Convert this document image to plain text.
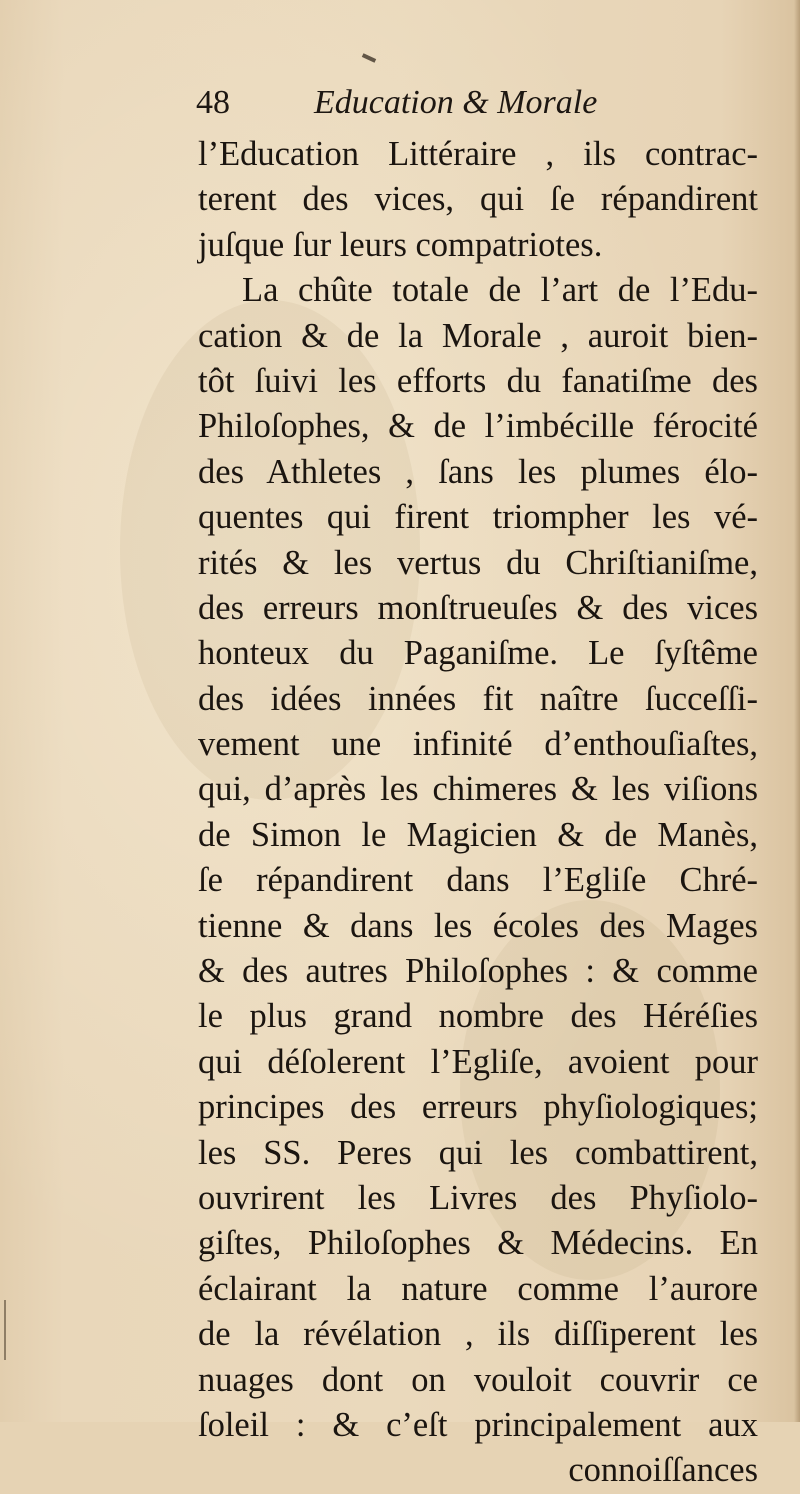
48 Education & Morale
l’Education Littéraire , ils contrac-
terent des vices, qui ſe répandirent
juſque ſur leurs compatriotes.
La chûte totale de l’art de l’Edu-
cation & de la Morale , auroit bien-
tôt ſuivi les efforts du fanatiſme des
Philoſophes, & de l’imbécille férocité
des Athletes , ſans les plumes élo-
quentes qui firent triompher les vé-
rités & les vertus du Chriſtianiſme,
des erreurs monſtrueuſes & des vices
honteux du Paganiſme. Le ſyſtême
des idées innées fit naître ſucceſſi-
vement une infinité d’enthouſiaſtes,
qui, d’après les chimeres & les viſions
de Simon le Magicien & de Manès,
ſe répandirent dans l’Egliſe Chré-
tienne & dans les écoles des Mages
& des autres Philoſophes : & comme
le plus grand nombre des Héréſies
qui déſolerent l’Egliſe, avoient pour
principes des erreurs phyſiologiques;
les SS. Peres qui les combattirent,
ouvrirent les Livres des Phyſiolo-
giſtes, Philoſophes & Médecins. En
éclairant la nature comme l’aurore
de la révélation , ils diſſiperent les
nuages dont on vouloit couvrir ce
ſoleil : & c’eſt principalement aux
connoiſſances
